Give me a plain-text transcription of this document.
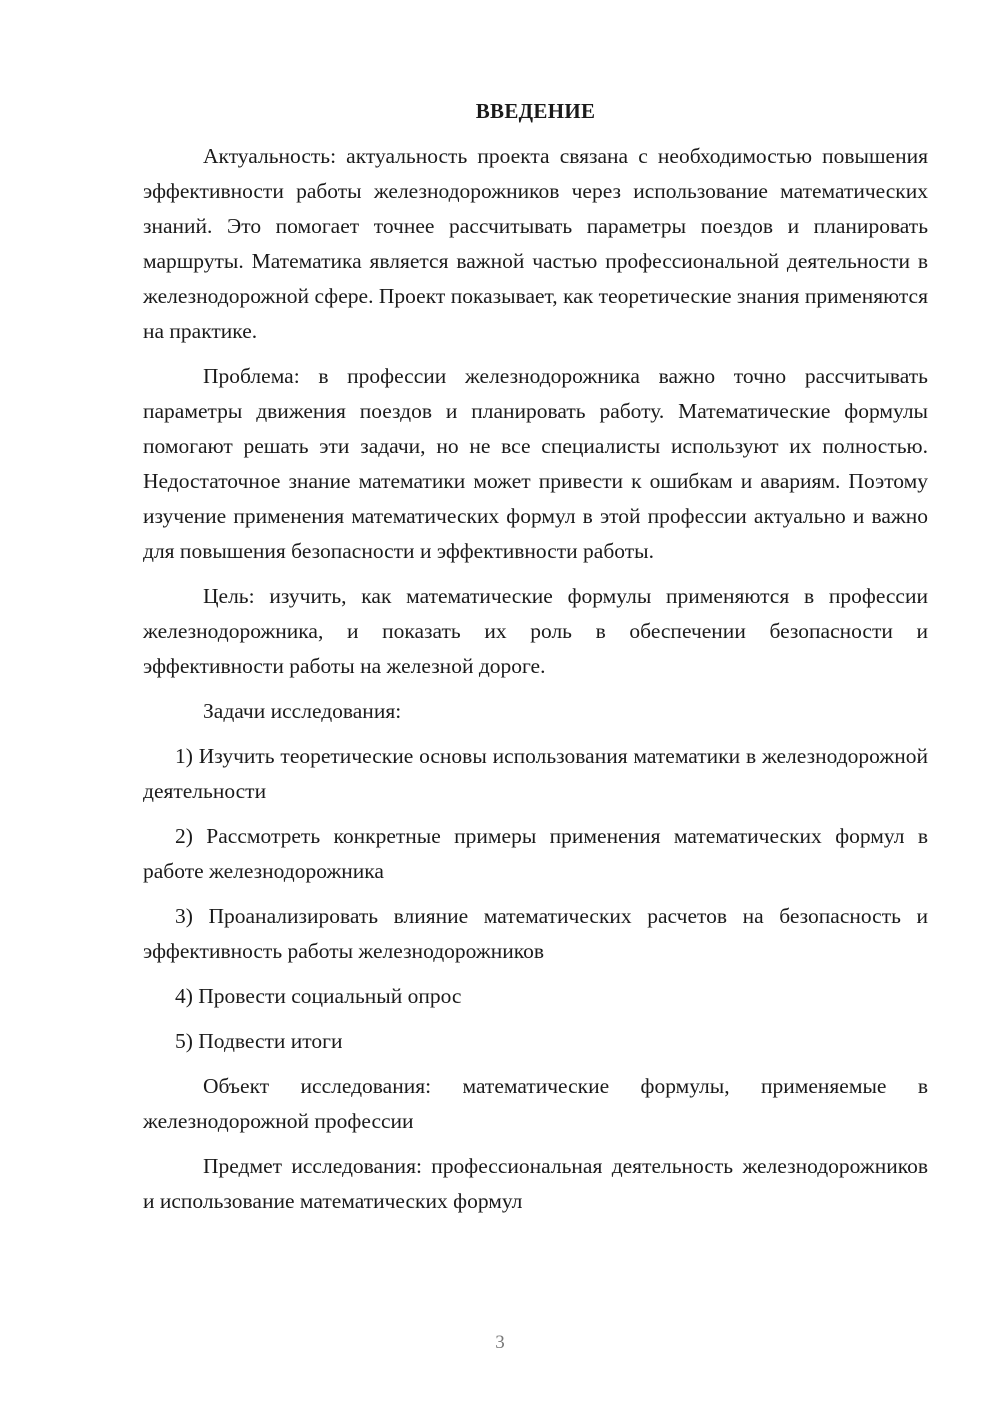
ВВЕДЕНИЕ

Актуальность: актуальность проекта связана с необходимостью повышения эффективности работы железнодорожников через использование математических знаний. Это помогает точнее рассчитывать параметры поездов и планировать маршруты. Математика является важной частью профессиональной деятельности в железнодорожной сфере. Проект показывает, как теоретические знания применяются на практике.

Проблема: в профессии железнодорожника важно точно рассчитывать параметры движения поездов и планировать работу. Математические формулы помогают решать эти задачи, но не все специалисты используют их полностью. Недостаточное знание математики может привести к ошибкам и авариям. Поэтому изучение применения математических формул в этой профессии актуально и важно для повышения безопасности и эффективности работы.

Цель: изучить, как математические формулы применяются в профессии железнодорожника, и показать их роль в обеспечении безопасности и эффективности работы на железной дороге.

Задачи исследования:

1) Изучить теоретические основы использования математики в железнодорожной деятельности

2) Рассмотреть конкретные примеры применения математических формул в работе железнодорожника

3) Проанализировать влияние математических расчетов на безопасность и эффективность работы железнодорожников

4) Провести социальный опрос

5) Подвести итоги

Объект исследования: математические формулы, применяемые в железнодорожной профессии

Предмет исследования: профессиональная деятельность железнодорожников и использование математических формул

3
